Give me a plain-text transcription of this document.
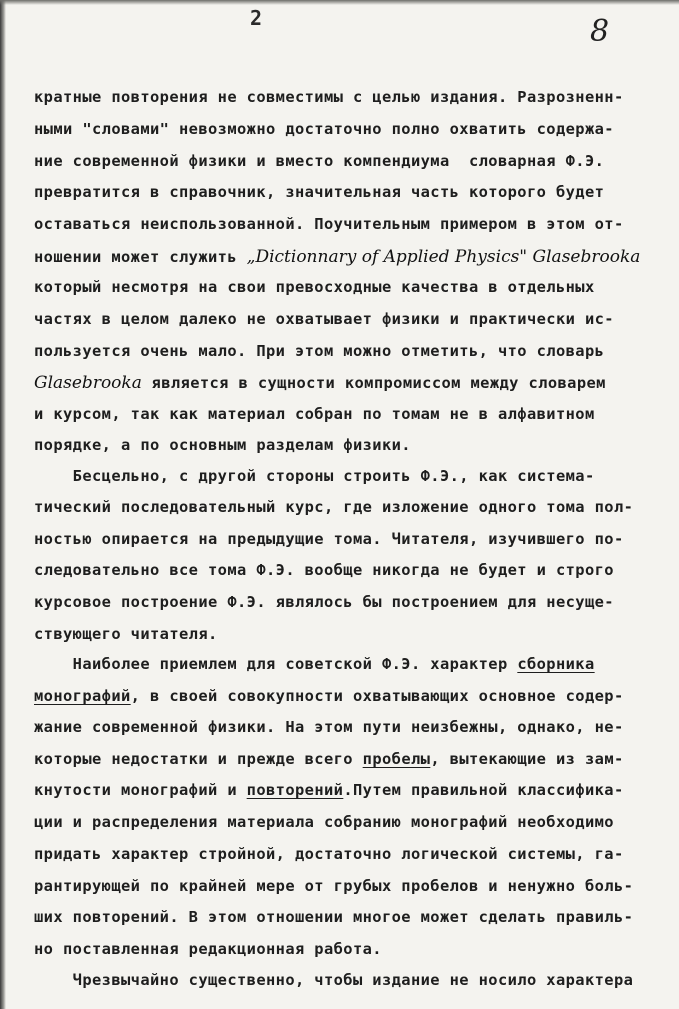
2	8
кратные повторения не совместимы с целью издания. Разрозненн-
ными "словами" невозможно достаточно полно охватить содержа-
ние современной физики и вместо компендиума  словарная Ф.Э.
превратится в справочник, значительная часть которого будет
оставаться неиспользованной. Поучительным примером в этом от-
ношении может служить „Dictionnary of Applied Physics" Glasebrooka
который несмотря на свои превосходные качества в отдельных
частях в целом далеко не охватывает физики и практически ис-
пользуется очень мало. При этом можно отметить, что словарь
Glasebrooka является в сущности компромиссом между словарем
и курсом, так как материал собран по томам не в алфавитном
порядке, а по основным разделам физики.
Бесцельно, с другой стороны строить Ф.Э., как система-
тический последовательный курс, где изложение одного тома пол-
ностью опирается на предыдущие тома. Читателя, изучившего по-
следовательно все тома Ф.Э. вообще никогда не будет и строго
курсовое построение Ф.Э. являлось бы построением для несуще-
ствующего читателя.
Наиболее приемлем для советской Ф.Э. характер сборника
монографий, в своей совокупности охватывающих основное содер-
жание современной физики. На этом пути неизбежны, однако, не-
которые недостатки и прежде всего пробелы, вытекающие из зам-
кнутости монографий и повторений.Путем правильной классифика-
ции и распределения материала собранию монографий необходимо
придать характер стройной, достаточно логической системы, га-
рантирующей по крайней мере от грубых пробелов и ненужно боль-
ших повторений. В этом отношении многое может сделать правиль-
но поставленная редакционная работа.
Чрезвычайно существенно, чтобы издание не носило характера
